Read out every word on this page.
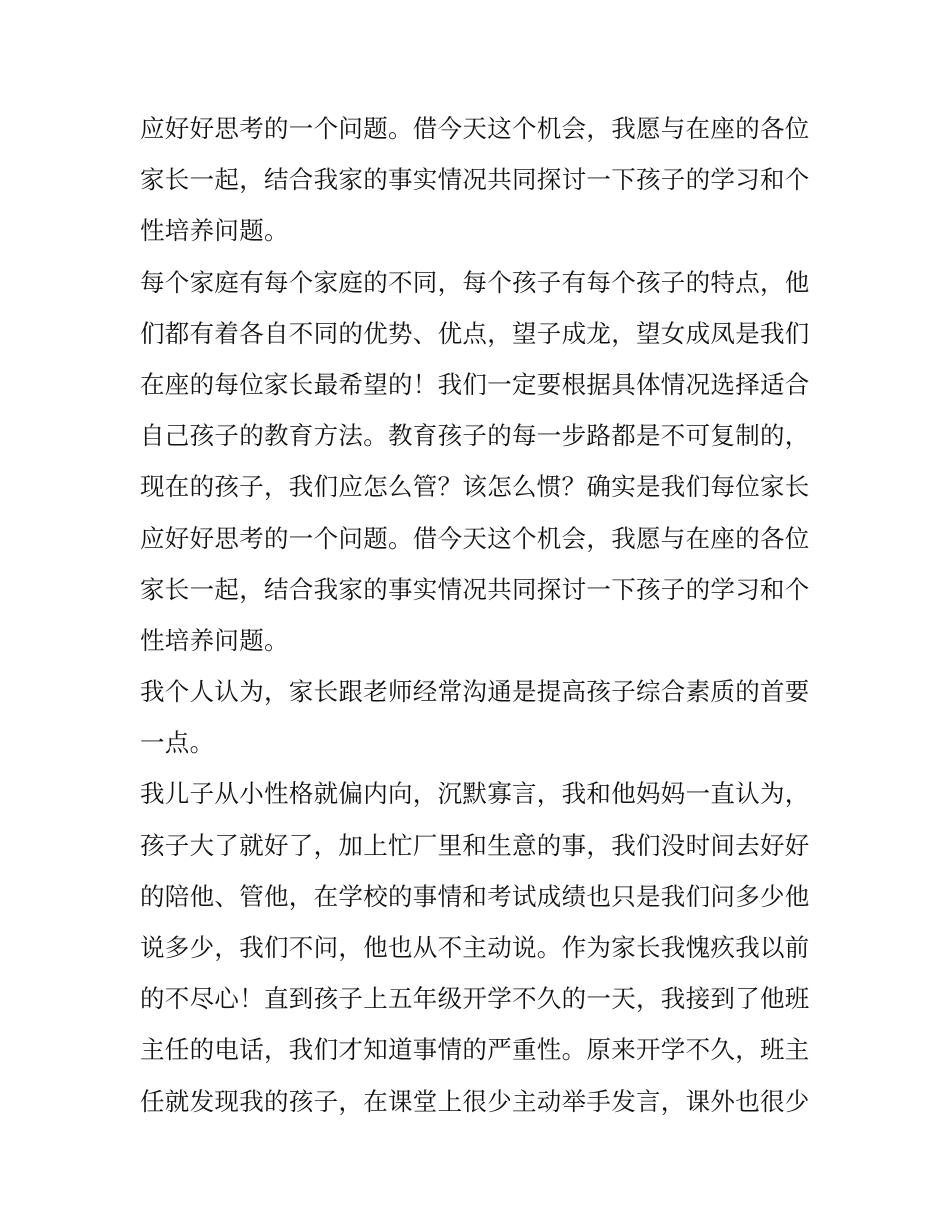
应好好思考的一个问题。借今天这个机会，我愿与在座的各位
家长一起，结合我家的事实情况共同探讨一下孩子的学习和个
性培养问题。
每个家庭有每个家庭的不同，每个孩子有每个孩子的特点，他
们都有着各自不同的优势、优点，望子成龙，望女成凤是我们
在座的每位家长最希望的！我们一定要根据具体情况选择适合
自己孩子的教育方法。教育孩子的每一步路都是不可复制的，
现在的孩子，我们应怎么管？该怎么惯？确实是我们每位家长
应好好思考的一个问题。借今天这个机会，我愿与在座的各位
家长一起，结合我家的事实情况共同探讨一下孩子的学习和个
性培养问题。
我个人认为，家长跟老师经常沟通是提高孩子综合素质的首要
一点。
我儿子从小性格就偏内向，沉默寡言，我和他妈妈一直认为，
孩子大了就好了，加上忙厂里和生意的事，我们没时间去好好
的陪他、管他，在学校的事情和考试成绩也只是我们问多少他
说多少，我们不问，他也从不主动说。作为家长我愧疚我以前
的不尽心！直到孩子上五年级开学不久的一天，我接到了他班
主任的电话，我们才知道事情的严重性。原来开学不久，班主
任就发现我的孩子，在课堂上很少主动举手发言，课外也很少
